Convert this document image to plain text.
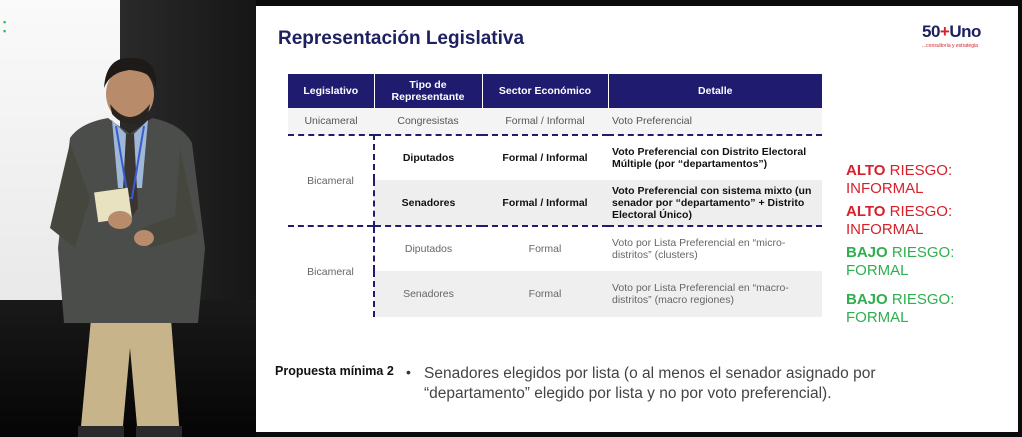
▪
▪	Representación Legislativa	50+Uno
...consultoría y estrategia
Legislativo	Tipo de Representante	Sector Económico	Detalle
Unicameral	Congresistas	Formal / Informal	Voto Preferencial
Bicameral	Diputados	Formal / Informal	Voto Preferencial con Distrito Electoral Múltiple (por “departamentos”)
	Senadores	Formal / Informal	Voto Preferencial con sistema mixto (un senador por “departamento” + Distrito Electoral Único)
Bicameral	Diputados	Formal	Voto por Lista Preferencial en “micro-distritos” (clusters)
	Senadores	Formal	Voto por Lista Preferencial en “macro-distritos” (macro regiones)
ALTO RIESGO:
INFORMAL
ALTO RIESGO:
INFORMAL
BAJO RIESGO:
FORMAL
BAJO RIESGO:
FORMAL
Propuesta mínima 2 • Senadores elegidos por lista (o al menos el senador asignado por “departamento” elegido por lista y no por voto preferencial).
